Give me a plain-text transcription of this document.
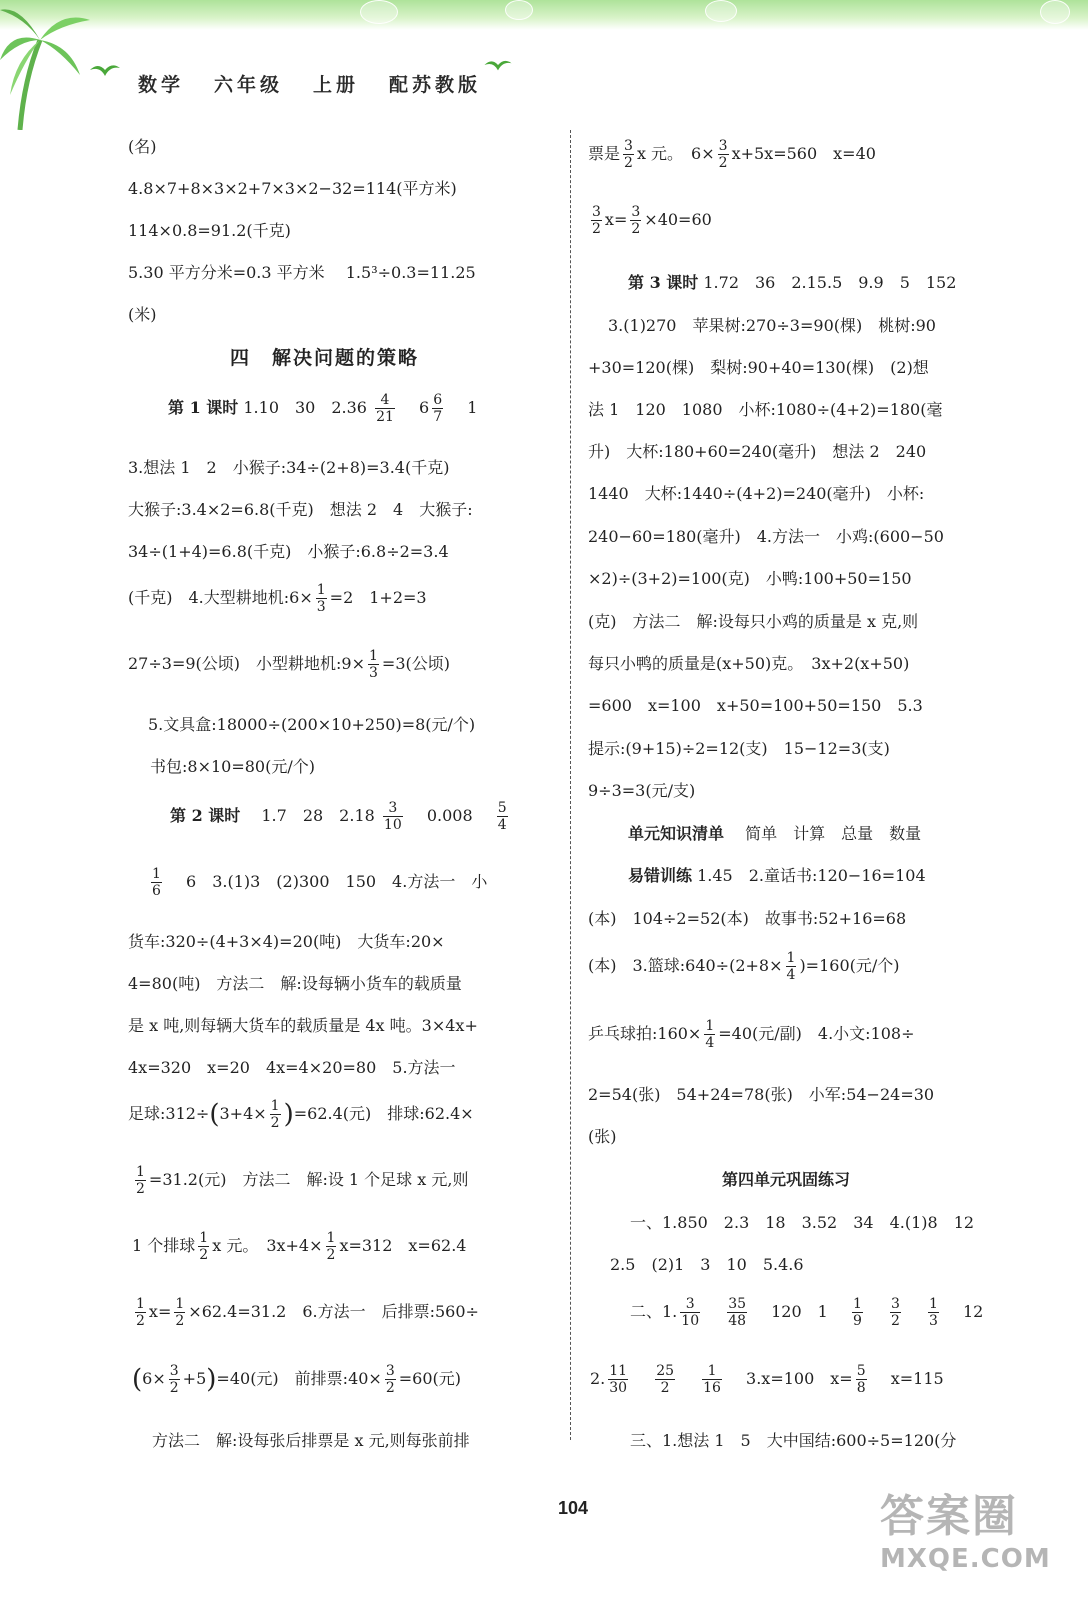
数学 六年级 上册 配苏教版
(名)
4.8×7+8×3×2+7×3×2−32=114(平方米)
114×0.8=91.2(千克)
5.30 平方分米=0.3 平方米　 1.5³÷0.3=11.25
(米)
四　解决问题的策略
第 1 课时 1.10　30　$2.36 \frac{4}{21}$
　 $6 \frac{6}{7}$
　 1
3.想法 1　2　小猴子:34÷(2+8)=3.4(千克)
大猴子:3.4×2=6.8(千克)　想法 2　4　大猴子:
34÷(1+4)=6.8(千克)　小猴子:6.8÷2=3.4
(千克)　4.大型耕地机:6× $\frac{1}{3} =2$　1+2=3
27÷3=9(公顷)　小型耕地机:9× $\frac{1}{3} =3$(公顷)
5.文具盒:18000÷(200×10+250)=8(元/个)
书包:8×10=80(元/个)
第 2 课时　 1.7　28　$2.18 \frac{3}{10}$
　 0.008 　 $\frac{5}{4}$
$\frac{1}{6}$
　 6　3.(1)3　(2)300　150　4.方法一　小
货车:320÷(4+3×4)=20(吨)　大货车:20×
4=80(吨)　方法二　解:设每辆小货车的载质量
是 x 吨,则每辆大货车的载质量是 4x 吨。3×4x+
4x=320　x=20　4x=4×20=80　5.方法一
足球:312÷(3+4× $\frac{1}{2} )=62.4$(元)　排球:62.4×
$\frac{1}{2} =31.2$(元)　方法二　解:设 1 个足球 x 元,则
1 个排球 $\frac{1}{2}$ x 元。　$3x+4\times \frac{1}{2} x=312$　x=62.4
$\frac{1}{2} x= \frac{1}{2} \times 62.4=31.2$　6.方法一　后排票:560÷
$(6\times \frac{3}{2} +5)=40$(元)　前排票:40× $\frac{3}{2} =60$(元)
方法二　解:设每张后排票是 x 元,则每张前排
票是 $\frac{3}{2}$ x 元。　$6\times \frac{3}{2} x+5x=560$　x=40
$\frac{3}{2} x= \frac{3}{2} \times 40=60$
第 3 课时 1.72　36　2.15.5　9.9　5　152
3.(1)270　苹果树:270÷3=90(棵)　桃树:90
+30=120(棵)　梨树:90+40=130(棵)　(2)想
法 1　120　1080　小杯:1080÷(4+2)=180(毫
升)　大杯:180+60=240(毫升)　想法 2　240
1440　大杯:1440÷(4+2)=240(毫升)　小杯:
240−60=180(毫升)　4.方法一　小鸡:(600−50
×2)÷(3+2)=100(克)　小鸭:100+50=150
(克)　方法二　解:设每只小鸡的质量是 x 克,则
每只小鸭的质量是(x+50)克。　3x+2(x+50)
=600　x=100　x+50=100+50=150　5.3
提示:(9+15)÷2=12(支)　15−12=3(支)
9÷3=3(元/支)
单元知识清单　 简单　计算　总量　数量
易错训练 1.45　2.童话书:120−16=104
(本)　104÷2=52(本)　故事书:52+16=68
(本)　3.篮球:640÷(2+8× $\frac{1}{4} )=160$(元/个)
乒乓球拍:160× $\frac{1}{4} =40$(元/副)　4.小文:108÷
2=54(张)　54+24=78(张)　小军:54−24=30
(张)
第四单元巩固练习
一、1.850　2.3　18　3.52　34　4.(1)8　12
2.5　(2)1　3　10　5.4.6
二、1. $\frac{3}{10}$
　 $\frac{35}{48}$
　 120　1 　 $\frac{1}{9}$
　 $\frac{3}{2}$
　 $\frac{1}{3}$
　 12
2. $\frac{11}{30}$
　 $\frac{25}{2}$
　 $\frac{1}{16}$
　 3.x=100　$x= \frac{5}{8}$
　 x=115
三、1.想法 1　5　大中国结:600÷5=120(分
104	答案圈
MXQE.COM
